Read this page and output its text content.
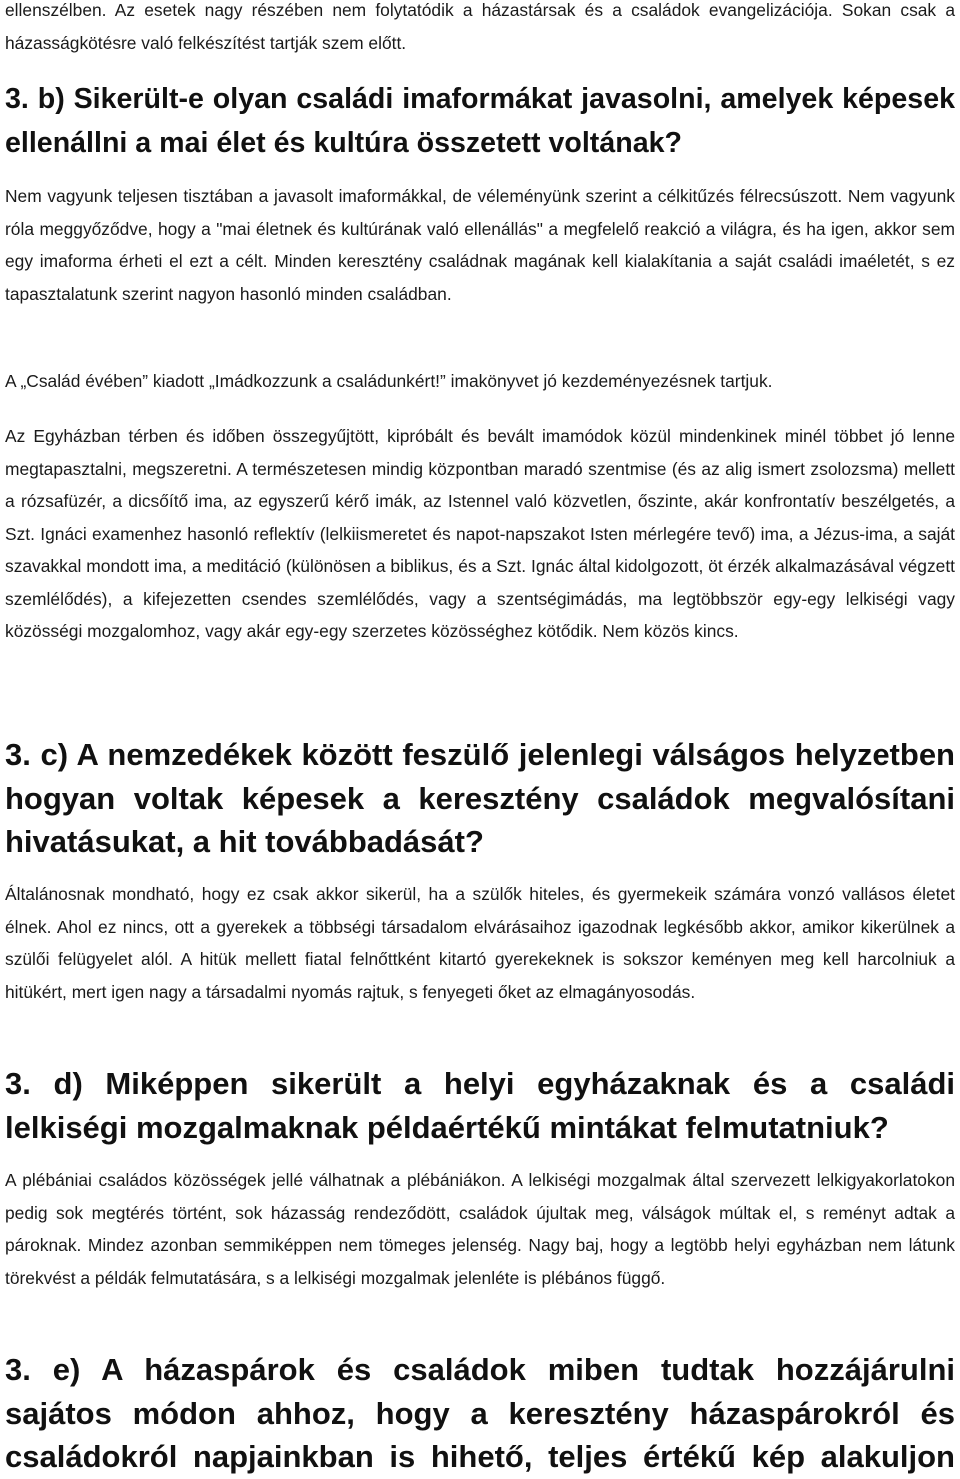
ellenszélben. Az esetek nagy részében nem folytatódik a házastársak és a családok evangelizációja. Sokan csak a házasságkötésre való felkészítést tartják szem előtt.

3. b) Sikerült-e olyan családi imaformákat javasolni, amelyek képesek ellenállni a mai élet és kultúra összetett voltának?

Nem vagyunk teljesen tisztában a javasolt imaformákkal, de véleményünk szerint a célkitűzés félrecsúszott. Nem vagyunk róla meggyőződve, hogy a "mai életnek és kultúrának való ellenállás" a megfelelő reakció a világra, és ha igen, akkor sem egy imaforma érheti el ezt a célt. Minden keresztény családnak magának kell kialakítania a saját családi imaéletét, s ez tapasztalatunk szerint nagyon hasonló minden családban.

A „Család évében” kiadott „Imádkozzunk a családunkért!” imakönyvet jó kezdeményezésnek tartjuk.

Az Egyházban térben és időben összegyűjtött, kipróbált és bevált imamódok közül mindenkinek minél többet jó lenne megtapasztalni, megszeretni. A természetesen mindig központban maradó szentmise (és az alig ismert zsolozsma) mellett a rózsafüzér, a dicsőítő ima, az egyszerű kérő imák, az Istennel való közvetlen, őszinte, akár konfrontatív beszélgetés, a Szt. Ignáci examenhez hasonló reflektív (lelkiismeretet és napot-napszakot Isten mérlegére tevő) ima, a Jézus-ima, a saját szavakkal mondott ima, a meditáció (különösen a biblikus, és a Szt. Ignác által kidolgozott, öt érzék alkalmazásával végzett szemlélődés), a kifejezetten csendes szemlélődés, vagy a szentségimádás, ma legtöbbször egy-egy lelkiségi vagy közösségi mozgalomhoz, vagy akár egy-egy szerzetes közösséghez kötődik. Nem közös kincs.

3. c) A nemzedékek között feszülő jelenlegi válságos helyzetben hogyan voltak képesek a keresztény családok megvalósítani hivatásukat, a hit továbbadását?

Általánosnak mondható, hogy ez csak akkor sikerül, ha a szülők hiteles, és gyermekeik számára vonzó vallásos életet élnek. Ahol ez nincs, ott a gyerekek a többségi társadalom elvárásaihoz igazodnak legkésőbb akkor, amikor kikerülnek a szülői felügyelet alól. A hitük mellett fiatal felnőttként kitartó gyerekeknek is sokszor keményen meg kell harcolniuk a hitükért, mert igen nagy a társadalmi nyomás rajtuk, s fenyegeti őket az elmagányosodás.

3. d) Miképpen sikerült a helyi egyházaknak és a családi lelkiségi mozgalmaknak példaértékű mintákat felmutatniuk?

A plébániai családos közösségek jellé válhatnak a plébániákon. A lelkiségi mozgalmak által szervezett lelkigyakorlatokon pedig sok megtérés történt, sok házasság rendeződött, családok újultak meg, válságok múltak el, s reményt adtak a pároknak. Mindez azonban semmiképpen nem tömeges jelenség. Nagy baj, hogy a legtöbb helyi egyházban nem látunk törekvést a példák felmutatására, s a lelkiségi mozgalmak jelenléte is plébános függő.

3. e) A házaspárok és családok miben tudtak hozzájárulni sajátos módon ahhoz, hogy a keresztény házaspárokról és családokról napjainkban is hihető, teljes értékű kép alakuljon
